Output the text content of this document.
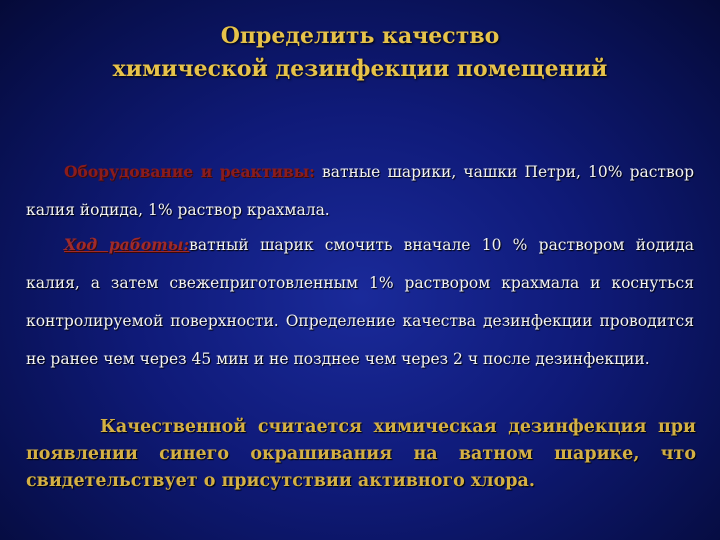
Определить качество
химической дезинфекции помещений
Оборудование и реактивы: ватные шарики, чашки Петри, 10% раствор калия йодида, 1% раствор крахмала.
Ход работы:ватный шарик смочить вначале 10 % раствором йодида калия, а затем свежеприготовленным 1% раствором крахмала и коснуться контролируемой поверхности. Определение качества дезинфекции проводится не ранее чем через 45 мин и не позднее чем через 2 ч после дезинфекции.
Качественной считается химическая дезинфекция при появлении синего окрашивания на ватном шарике, что свидетельствует о присутствии активного хлора.
